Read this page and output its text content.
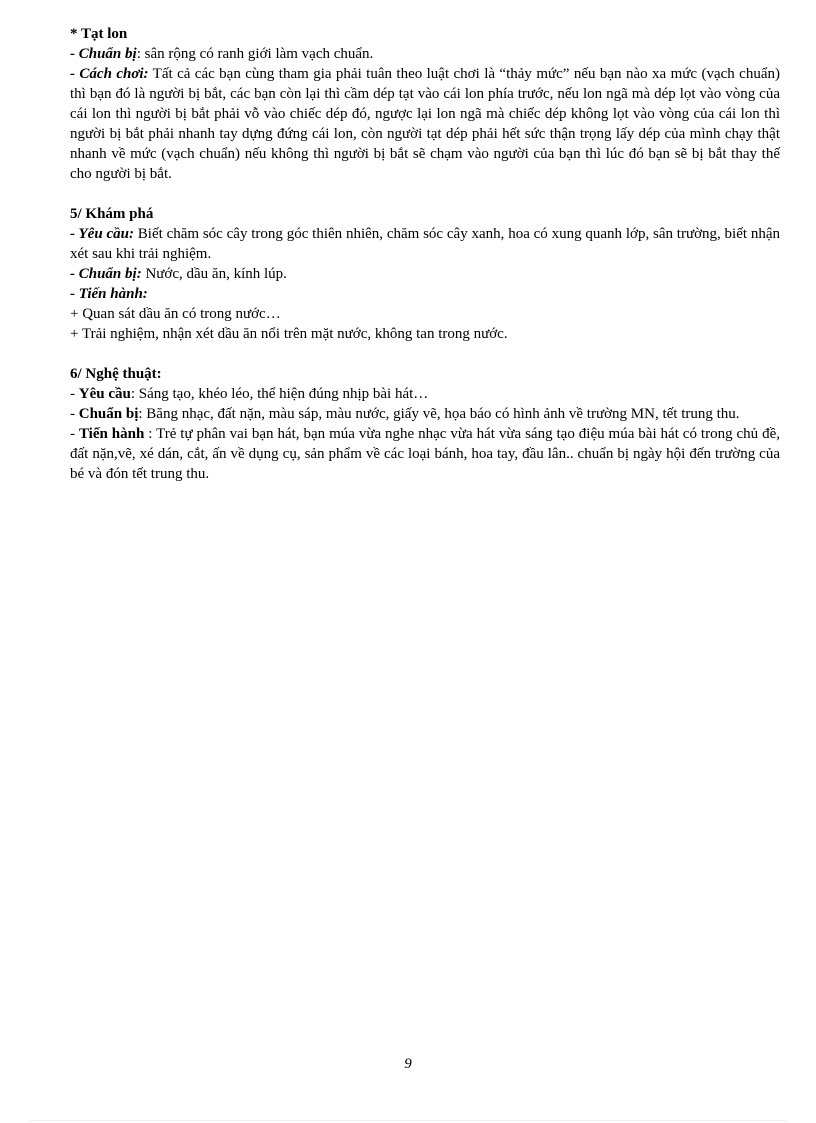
* Tạt lon

- Chuẩn bị: sân rộng có ranh giới làm vạch chuẩn.

- Cách chơi: Tất cả các bạn cùng tham gia phải tuân theo luật chơi là “thảy mức” nếu bạn nào xa mức (vạch chuẩn) thì bạn đó là người bị bắt, các bạn còn lại thì cầm dép tạt vào cái lon phía trước, nếu lon ngã mà dép lọt vào vòng của cái lon thì người bị bắt phải vỗ vào chiếc dép đó, ngược lại lon ngã mà chiếc dép không lọt vào vòng của cái lon thì người bị bắt phải nhanh tay dựng đứng cái lon, còn người tạt dép phải hết sức thận trọng lấy dép của mình chạy thật nhanh về mức (vạch chuẩn) nếu không thì người bị bắt sẽ chạm vào người của bạn thì lúc đó bạn sẽ bị bắt thay thế cho người bị bắt.

5/ Khám phá

- Yêu cầu: Biết chăm sóc cây trong góc thiên nhiên, chăm sóc cây xanh, hoa có xung quanh lớp, sân trường, biết nhận xét sau khi trải nghiệm.

- Chuẩn bị: Nước, dầu ăn, kính lúp.

- Tiến hành:

+ Quan sát dầu ăn có trong nước…

+ Trải nghiệm, nhận xét dầu ăn nổi trên mặt nước, không tan trong nước.

6/ Nghệ thuật:

- Yêu cầu: Sáng tạo, khéo léo, thể hiện đúng nhịp bài hát…

- Chuẩn bị: Băng nhạc, đất nặn, màu sáp, màu nước, giấy vẽ, họa báo có hình ảnh về trường MN, tết trung thu.

- Tiến hành : Trẻ tự phân vai bạn hát, bạn múa vừa nghe nhạc vừa hát vừa sáng tạo điệu múa bài hát có trong chủ đề, đất nặn,vẽ, xé dán, cắt, ấn về dụng cụ, sản phẩm về các loại bánh, hoa tay, đầu lân.. chuẩn bị ngày hội đến trường của bé và đón tết trung thu.

9
